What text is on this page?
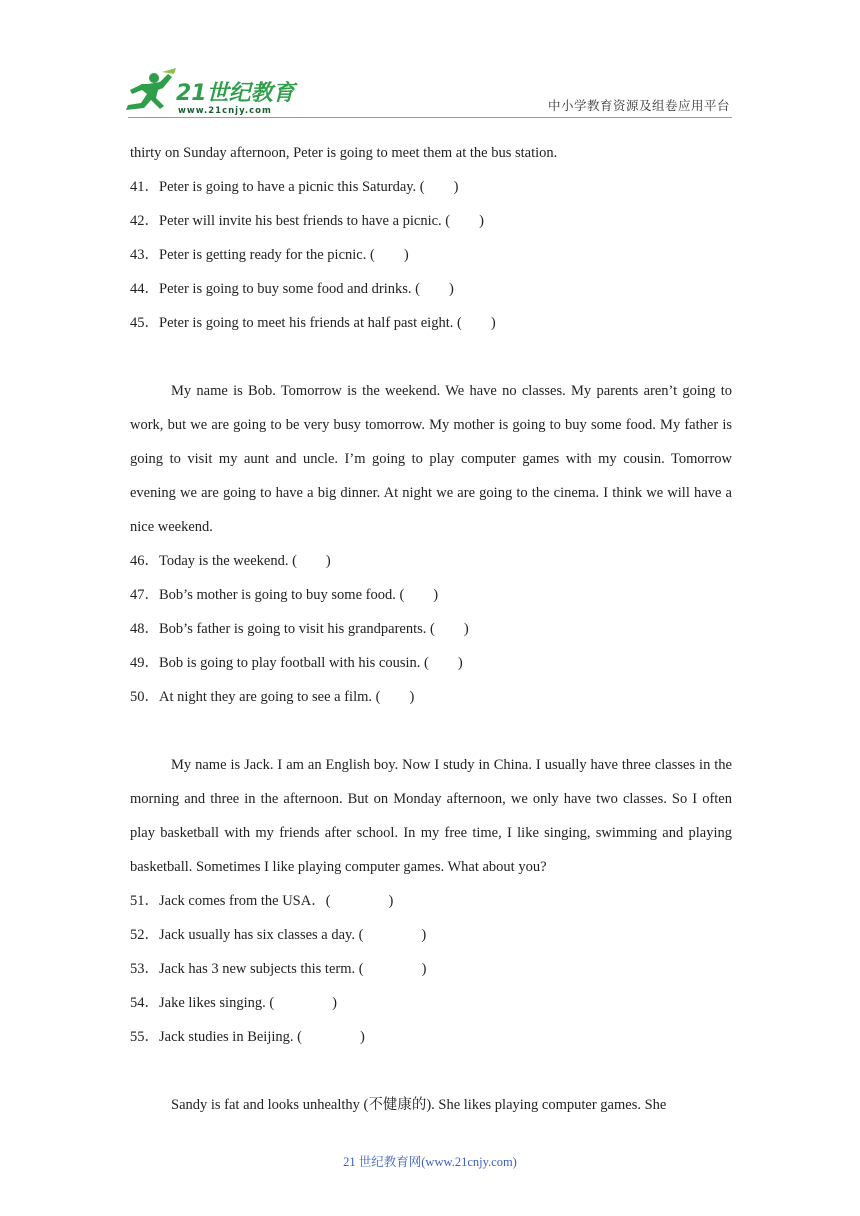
21世纪教育
www.21cnjy.com	中小学教育资源及组卷应用平台

thirty on Sunday afternoon, Peter is going to meet them at the bus station.

41．Peter is going to have a picnic this Saturday. (        )

42．Peter will invite his best friends to have a picnic. (        )

43．Peter is getting ready for the picnic. (        )

44．Peter is going to buy some food and drinks. (        )

45．Peter is going to meet his friends at half past eight. (        )

My name is Bob. Tomorrow is the weekend. We have no classes. My parents aren’t going to work, but we are going to be very busy tomorrow. My mother is going to buy some food. My father is going to visit my aunt and uncle. I’m going to play computer games with my cousin. Tomorrow evening we are going to have a big dinner. At night we are going to the cinema. I think we will have a nice weekend.

46．Today is the weekend. (        )

47．Bob’s mother is going to buy some food. (        )

48．Bob’s father is going to visit his grandparents. (        )

49．Bob is going to play football with his cousin. (        )

50．At night they are going to see a film. (        )

My name is Jack. I am an English boy. Now I study in China. I usually have three classes in the morning and three in the afternoon. But on Monday afternoon, we only have two classes. So I often play basketball with my friends after school. In my free time, I like singing, swimming and playing basketball. Sometimes I like playing computer games. What about you?

51．Jack comes from the USA．(                )

52．Jack usually has six classes a day. (                )

53．Jack has 3 new subjects this term. (                )

54．Jake likes singing. (                )

55．Jack studies in Beijing. (                )

Sandy is fat and looks unhealthy (不健康的). She likes playing computer games. She

21 世纪教育网(www.21cnjy.com)
